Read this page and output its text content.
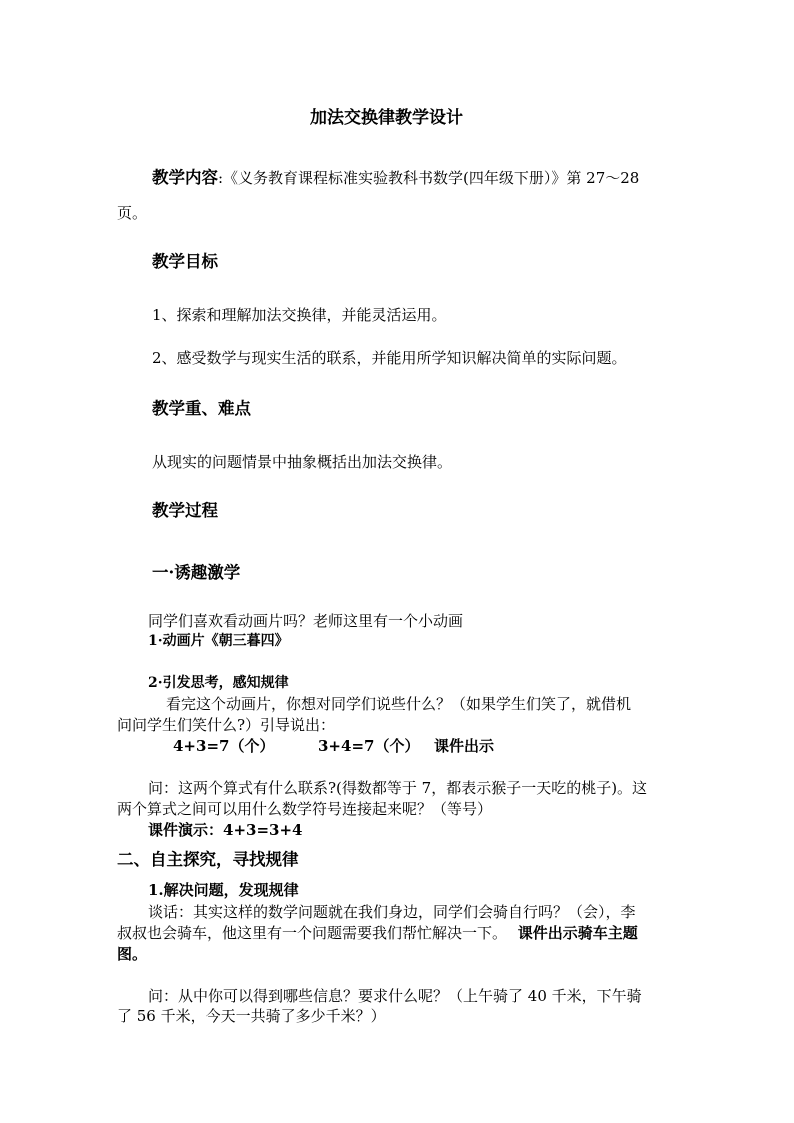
加法交换律教学设计
教学内容:《义务教育课程标准实验教科书数学(四年级下册）》第 27～28
页。
教学目标
1、探索和理解加法交换律，并能灵活运用。
2、感受数学与现实生活的联系，并能用所学知识解决简单的实际问题。
教学重、难点
从现实的问题情景中抽象概括出加法交换律。
教学过程
一·诱趣激学
同学们喜欢看动画片吗？老师这里有一个小动画
1·动画片《朝三暮四》
2·引发思考，感知规律
看完这个动画片，你想对同学们说些什么？（如果学生们笑了，就借机
问问学生们笑什么?）引导说出：
4+3=7（个）	3+4=7（个） 课件出示
问：这两个算式有什么联系?(得数都等于 7，都表示猴子一天吃的桃子)。这
两个算式之间可以用什么数学符号连接起来呢？（等号）
课件演示：4+3=3+4
二、自主探究，寻找规律
1.解决问题，发现规律
谈话：其实这样的数学问题就在我们身边，同学们会骑自行吗？（会），李
叔叔也会骑车，他这里有一个问题需要我们帮忙解决一下。 课件出示骑车主题
图。
问：从中你可以得到哪些信息？要求什么呢？（上午骑了 40 千米，下午骑
了 56 千米，今天一共骑了多少千米？）
